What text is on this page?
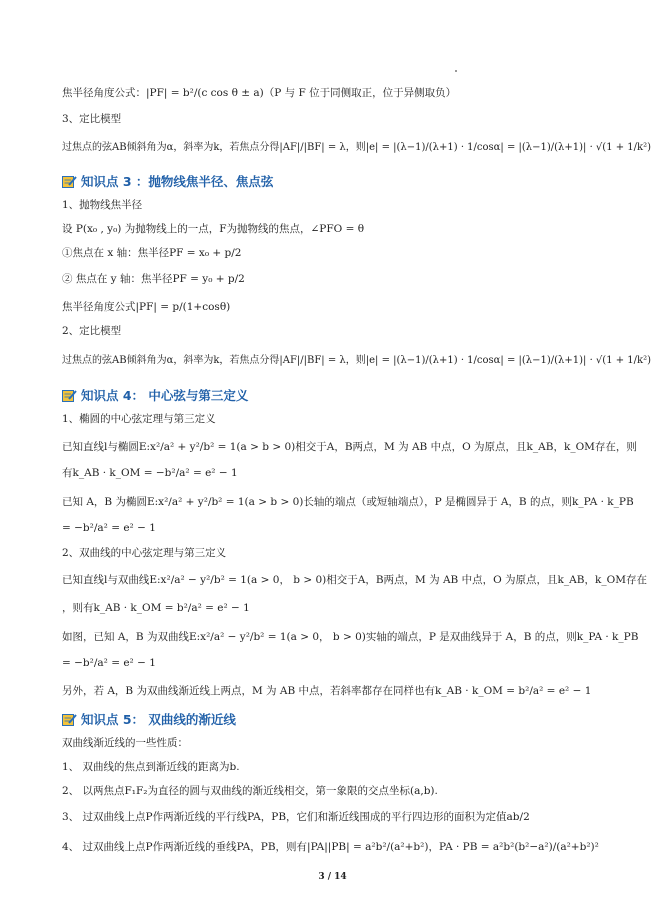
焦半径角度公式：|PF| = b²/(c cos θ ± a)（P 与 F 位于同侧取正，位于异侧取负）
3、定比模型
过焦点的弦AB倾斜角为α，斜率为k，若焦点分得|AF|/|BF| = λ，则|e| = |(λ−1)/(λ+1) · 1/cosα| = |(λ−1)/(λ+1)| · √(1 + 1/k²)
知识点 3 ：抛物线焦半径、焦点弦
1、抛物线焦半径
设 P(x₀ , y₀) 为抛物线上的一点，F为抛物线的焦点，∠PFO = θ
①焦点在 x 轴：焦半径PF = x₀ + p/2
② 焦点在 y 轴：焦半径PF = y₀ + p/2
焦半径角度公式|PF| = p/(1+cosθ)
2、定比模型
过焦点的弦AB倾斜角为α，斜率为k，若焦点分得|AF|/|BF| = λ，则|e| = |(λ−1)/(λ+1) · 1/cosα| = |(λ−1)/(λ+1)| · √(1 + 1/k²)
知识点 4： 中心弦与第三定义
1、椭圆的中心弦定理与第三定义
已知直线l与椭圆E:x²/a² + y²/b² = 1(a > b > 0)相交于A，B两点，M 为 AB 中点，O 为原点，且k_AB，k_OM存在，则
有k_AB · k_OM = −b²/a² = e² − 1
已知 A，B 为椭圆E:x²/a² + y²/b² = 1(a > b > 0)长轴的端点（或短轴端点），P 是椭圆异于 A，B 的点，则k_PA · k_PB
= −b²/a² = e² − 1
2、双曲线的中心弦定理与第三定义
已知直线l与双曲线E:x²/a² − y²/b² = 1(a > 0， b > 0)相交于A，B两点，M 为 AB 中点，O 为原点，且k_AB，k_OM存在
，则有k_AB · k_OM = b²/a² = e² − 1
如图，已知 A，B 为双曲线E:x²/a² − y²/b² = 1(a > 0， b > 0)实轴的端点，P 是双曲线异于 A，B 的点，则k_PA · k_PB
= −b²/a² = e² − 1
另外，若 A，B 为双曲线渐近线上两点，M 为 AB 中点，若斜率都存在同样也有k_AB · k_OM = b²/a² = e² − 1
知识点 5： 双曲线的渐近线
双曲线渐近线的一些性质：
1、 双曲线的焦点到渐近线的距离为b.
2、 以两焦点F₁F₂为直径的圆与双曲线的渐近线相交，第一象限的交点坐标(a,b).
3、 过双曲线上点P作两渐近线的平行线PA，PB，它们和渐近线围成的平行四边形的面积为定值ab/2
4、 过双曲线上点P作两渐近线的垂线PA，PB，则有|PA||PB| = a²b²/(a²+b²)，PA · PB = a²b²(b²−a²)/(a²+b²)²
3 / 14
